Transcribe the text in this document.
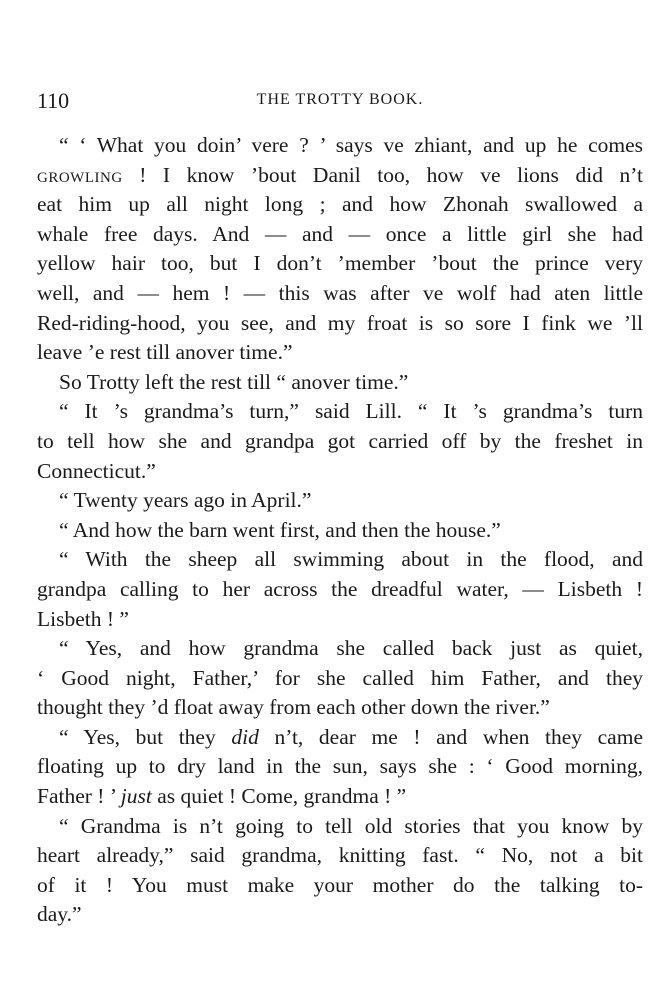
110	THE TROTTY BOOK.
“ ‘ What you doin’ vere ? ’ says ve zhiant, and up he comes
growling ! I know ’bout Danil too, how ve lions did n’t
eat him up all night long ; and how Zhonah swallowed a
whale free days. And — and — once a little girl she had
yellow hair too, but I don’t ’member ’bout the prince very
well, and — hem ! — this was after ve wolf had aten little
Red-riding-hood, you see, and my froat is so sore I fink we ’ll
leave ’e rest till anover time.”
So Trotty left the rest till “ anover time.”
“ It ’s grandma’s turn,” said Lill. “ It ’s grandma’s turn
to tell how she and grandpa got carried off by the freshet in
Connecticut.”
“ Twenty years ago in April.”
“ And how the barn went first, and then the house.”
“ With the sheep all swimming about in the flood, and
grandpa calling to her across the dreadful water, — Lisbeth !
Lisbeth ! ”
“ Yes, and how grandma she called back just as quiet,
‘ Good night, Father,’ for she called him Father, and they
thought they ’d float away from each other down the river.”
“ Yes, but they did n’t, dear me ! and when they came
floating up to dry land in the sun, says she : ‘ Good morning,
Father ! ’ just as quiet ! Come, grandma ! ”
“ Grandma is n’t going to tell old stories that you know by
heart already,” said grandma, knitting fast. “ No, not a bit
of it ! You must make your mother do the talking to-
day.”
